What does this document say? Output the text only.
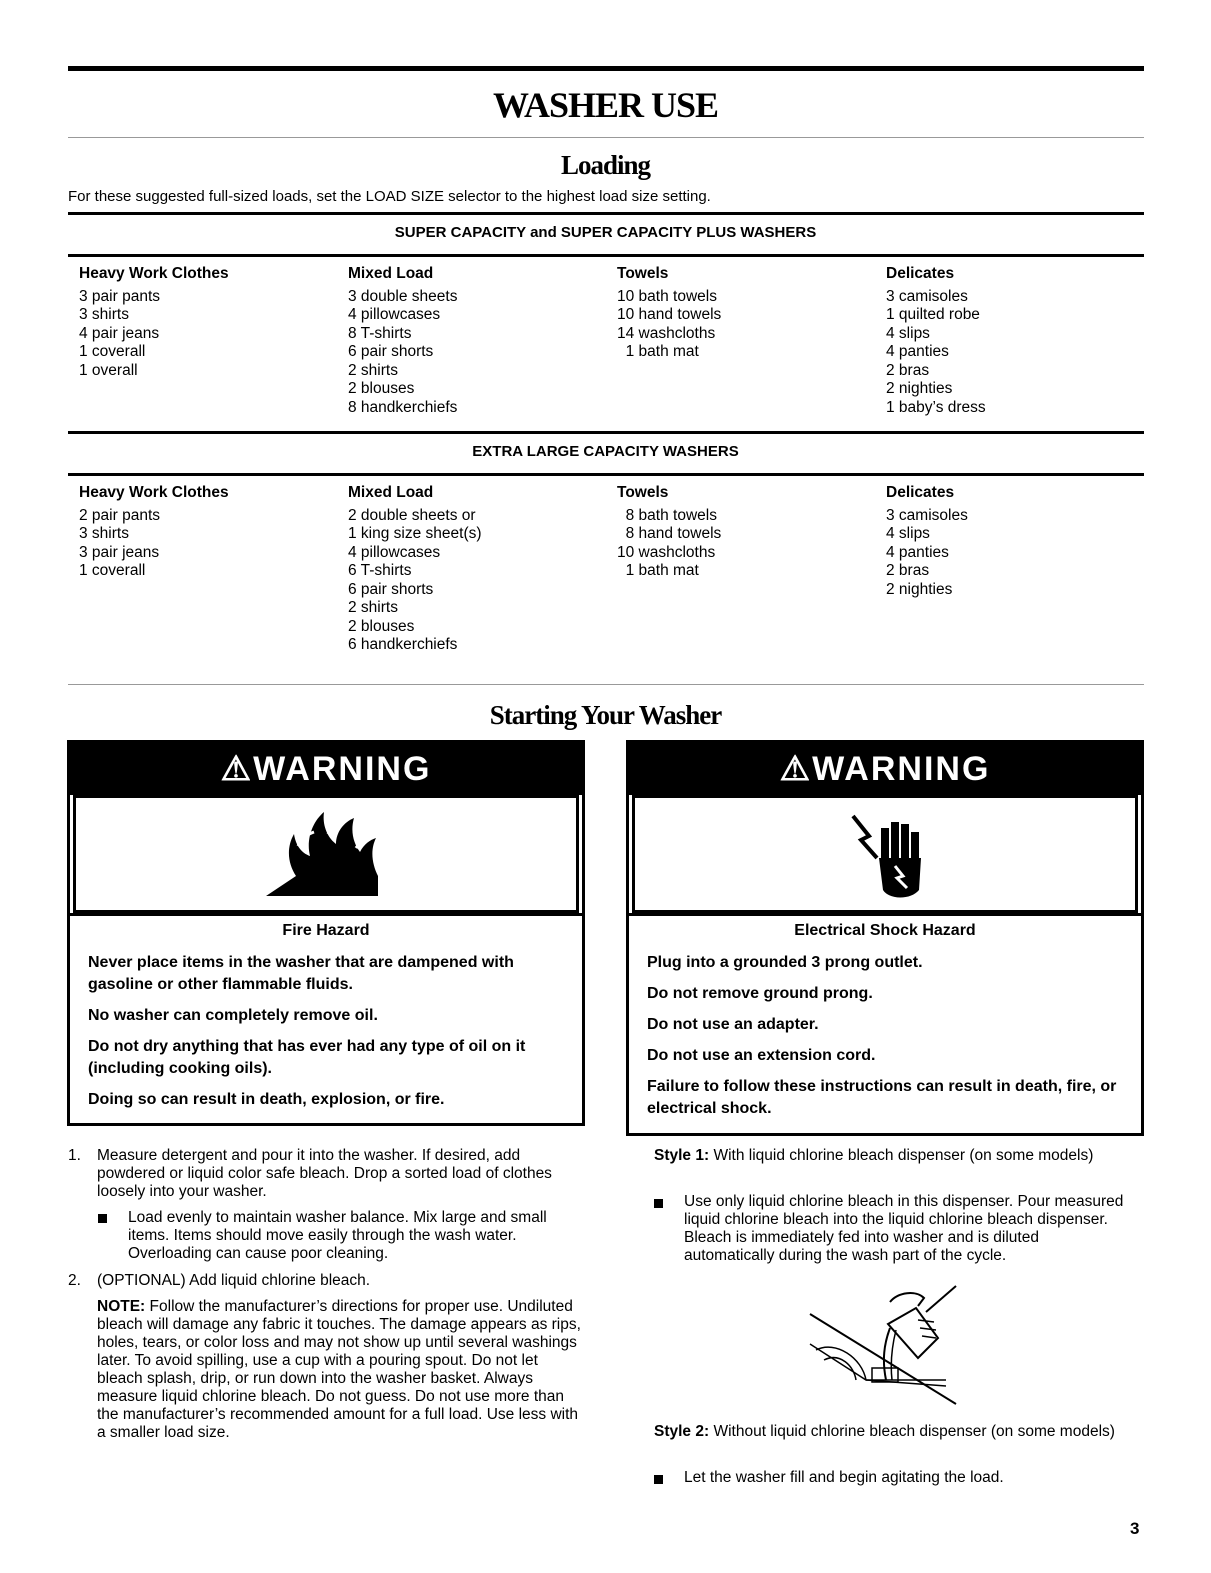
WASHER USE
Loading
For these suggested full-sized loads, set the LOAD SIZE selector to the highest load size setting.
SUPER CAPACITY and SUPER CAPACITY PLUS WASHERS
Heavy Work Clothes
3 pair pants
3 shirts
4 pair jeans
1 coverall
1 overall
Mixed Load
3 double sheets
4 pillowcases
8 T-shirts
6 pair shorts
2 shirts
2 blouses
8 handkerchiefs
Towels
10 bath towels
10 hand towels
14 washcloths
1 bath mat
Delicates
3 camisoles
1 quilted robe
4 slips
4 panties
2 bras
2 nighties
1 baby’s dress
EXTRA LARGE CAPACITY WASHERS
Heavy Work Clothes
2 pair pants
3 shirts
3 pair jeans
1 coverall
Mixed Load
2 double sheets or
1 king size sheet(s)
4 pillowcases
6 T-shirts
6 pair shorts
2 shirts
2 blouses
6 handkerchiefs
Towels
8 bath towels
8 hand towels
10 washcloths
1 bath mat
Delicates
3 camisoles
4 slips
4 panties
2 bras
2 nighties
Starting Your Washer
⚠WARNING
Fire Hazard
Never place items in the washer that are dampened with gasoline or other flammable fluids.
No washer can completely remove oil.
Do not dry anything that has ever had any type of oil on it (including cooking oils).
Doing so can result in death, explosion, or fire.
⚠WARNING
Electrical Shock Hazard
Plug into a grounded 3 prong outlet.
Do not remove ground prong.
Do not use an adapter.
Do not use an extension cord.
Failure to follow these instructions can result in death, fire, or electrical shock.
1. Measure detergent and pour it into the washer. If desired, add powdered or liquid color safe bleach. Drop a sorted load of clothes loosely into your washer.
Load evenly to maintain washer balance. Mix large and small items. Items should move easily through the wash water. Overloading can cause poor cleaning.
2. (OPTIONAL) Add liquid chlorine bleach.
NOTE: Follow the manufacturer’s directions for proper use. Undiluted bleach will damage any fabric it touches. The damage appears as rips, holes, tears, or color loss and may not show up until several washings later. To avoid spilling, use a cup with a pouring spout. Do not let bleach splash, drip, or run down into the washer basket. Always measure liquid chlorine bleach. Do not guess. Do not use more than the manufacturer’s recommended amount for a full load. Use less with a smaller load size.
Style 1: With liquid chlorine bleach dispenser (on some models)
Use only liquid chlorine bleach in this dispenser. Pour measured liquid chlorine bleach into the liquid chlorine bleach dispenser. Bleach is immediately fed into washer and is diluted automatically during the wash part of the cycle.
Style 2: Without liquid chlorine bleach dispenser (on some models)
Let the washer fill and begin agitating the load.
3
